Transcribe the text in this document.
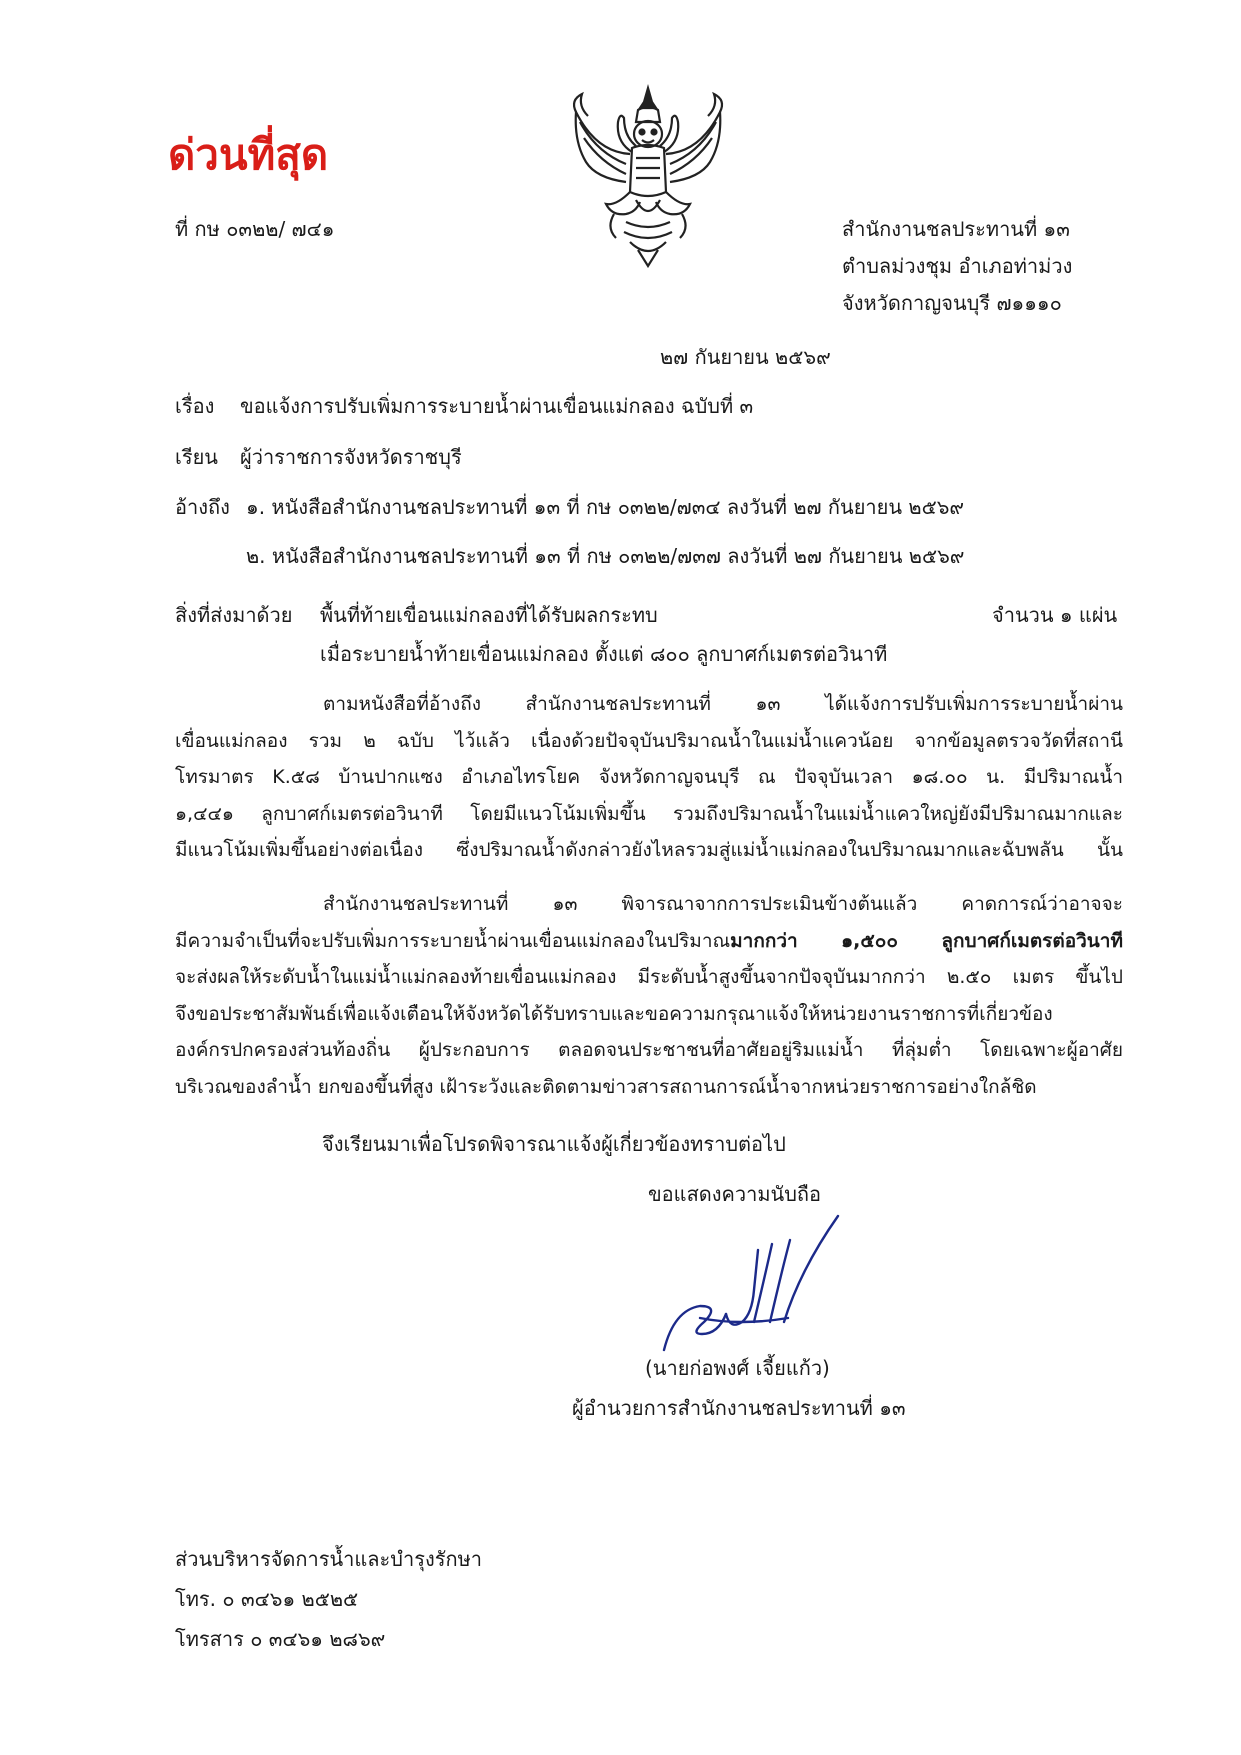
ด่วนที่สุด
ที่ กษ ๐๓๒๒/ ๗๔๑	สำนักงานชลประทานที่ ๑๓
ตำบลม่วงชุม อำเภอท่าม่วง
จังหวัดกาญจนบุรี ๗๑๑๑๐
๒๗ กันยายน ๒๕๖๙
เรื่อง ขอแจ้งการปรับเพิ่มการระบายน้ำผ่านเขื่อนแม่กลอง ฉบับที่ ๓
เรียน ผู้ว่าราชการจังหวัดราชบุรี
อ้างถึง ๑. หนังสือสำนักงานชลประทานที่ ๑๓ ที่ กษ ๐๓๒๒/๗๓๔ ลงวันที่ ๒๗ กันยายน ๒๕๖๙
๒. หนังสือสำนักงานชลประทานที่ ๑๓ ที่ กษ ๐๓๒๒/๗๓๗ ลงวันที่ ๒๗ กันยายน ๒๕๖๙
สิ่งที่ส่งมาด้วย พื้นที่ท้ายเขื่อนแม่กลองที่ได้รับผลกระทบ	จำนวน ๑ แผ่น
เมื่อระบายน้ำท้ายเขื่อนแม่กลอง ตั้งแต่ ๘๐๐ ลูกบาศก์เมตรต่อวินาที
ตามหนังสือที่อ้างถึง สำนักงานชลประทานที่ ๑๓ ได้แจ้งการปรับเพิ่มการระบายน้ำผ่าน
เขื่อนแม่กลอง รวม ๒ ฉบับ ไว้แล้ว เนื่องด้วยปัจจุบันปริมาณน้ำในแม่น้ำแควน้อย จากข้อมูลตรวจวัดที่สถานี
โทรมาตร K.๕๘ บ้านปากแซง อำเภอไทรโยค จังหวัดกาญจนบุรี ณ ปัจจุบันเวลา ๑๘.๐๐ น. มีปริมาณน้ำ
๑,๔๔๑ ลูกบาศก์เมตรต่อวินาที โดยมีแนวโน้มเพิ่มขึ้น รวมถึงปริมาณน้ำในแม่น้ำแควใหญ่ยังมีปริมาณมากและ
มีแนวโน้มเพิ่มขึ้นอย่างต่อเนื่อง ซึ่งปริมาณน้ำดังกล่าวยังไหลรวมสู่แม่น้ำแม่กลองในปริมาณมากและฉับพลัน นั้น
สำนักงานชลประทานที่ ๑๓ พิจารณาจากการประเมินข้างต้นแล้ว คาดการณ์ว่าอาจจะ
มีความจำเป็นที่จะปรับเพิ่มการระบายน้ำผ่านเขื่อนแม่กลองในปริมาณมากกว่า ๑,๕๐๐ ลูกบาศก์เมตรต่อวินาที
จะส่งผลให้ระดับน้ำในแม่น้ำแม่กลองท้ายเขื่อนแม่กลอง มีระดับน้ำสูงขึ้นจากปัจจุบันมากกว่า ๒.๕๐ เมตร ขึ้นไป
จึงขอประชาสัมพันธ์เพื่อแจ้งเตือนให้จังหวัดได้รับทราบและขอความกรุณาแจ้งให้หน่วยงานราชการที่เกี่ยวข้อง
องค์กรปกครองส่วนท้องถิ่น ผู้ประกอบการ ตลอดจนประชาชนที่อาศัยอยู่ริมแม่น้ำ ที่ลุ่มต่ำ โดยเฉพาะผู้อาศัย
บริเวณของลำน้ำ ยกของขึ้นที่สูง เฝ้าระวังและติดตามข่าวสารสถานการณ์น้ำจากหน่วยราชการอย่างใกล้ชิด
จึงเรียนมาเพื่อโปรดพิจารณาแจ้งผู้เกี่ยวข้องทราบต่อไป
ขอแสดงความนับถือ
(นายก่อพงศ์ เจี้ยแก้ว)
ผู้อำนวยการสำนักงานชลประทานที่ ๑๓
ส่วนบริหารจัดการน้ำและบำรุงรักษา
โทร. ๐ ๓๔๖๑ ๒๕๒๕
โทรสาร ๐ ๓๔๖๑ ๒๘๖๙
